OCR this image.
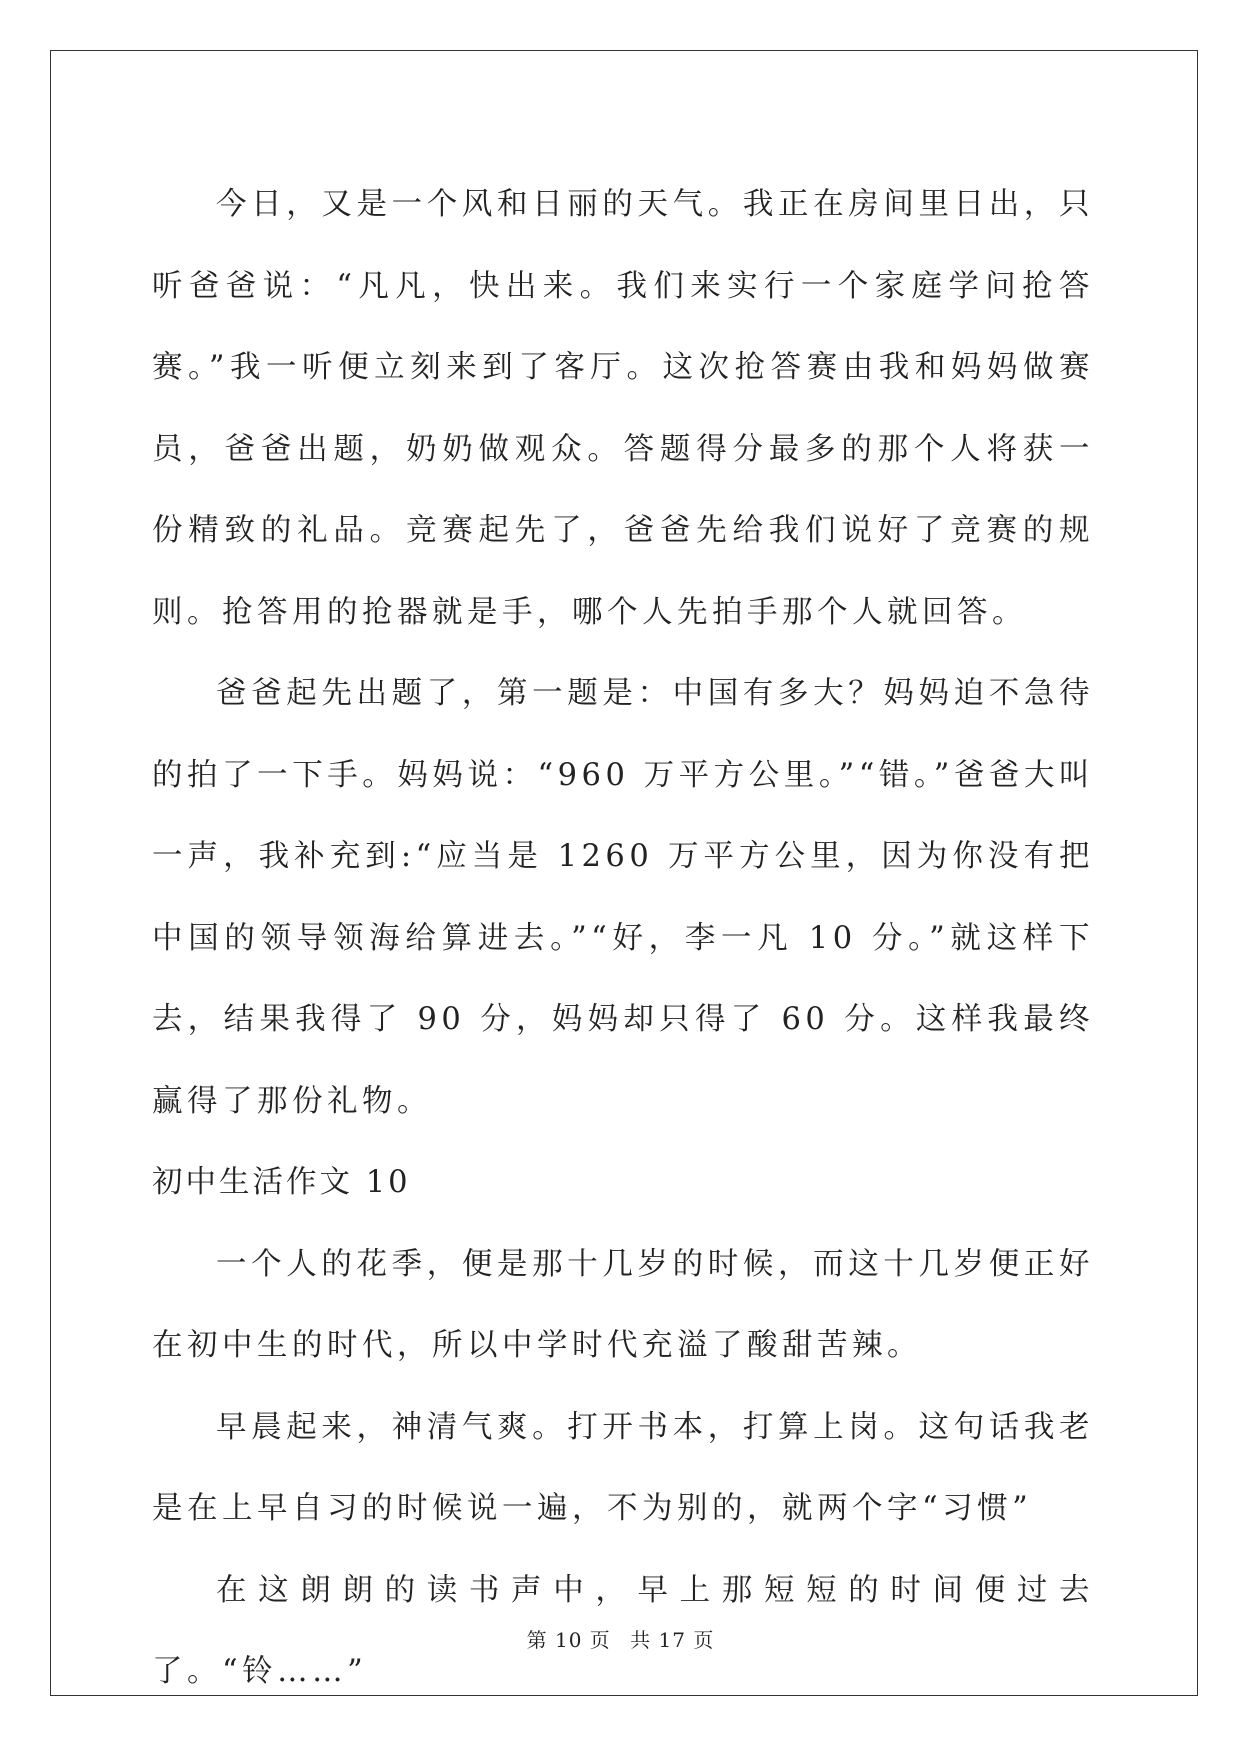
今日，又是一个风和日丽的天气。我正在房间里日出，只听爸爸说：“凡凡，快出来。我们来实行一个家庭学问抢答赛。”我一听便立刻来到了客厅。这次抢答赛由我和妈妈做赛员，爸爸出题，奶奶做观众。答题得分最多的那个人将获一份精致的礼品。竞赛起先了，爸爸先给我们说好了竞赛的规则。抢答用的抢器就是手，哪个人先拍手那个人就回答。

爸爸起先出题了，第一题是：中国有多大？妈妈迫不急待的拍了一下手。妈妈说：“960 万平方公里。”“错。”爸爸大叫一声，我补充到:“应当是 1260 万平方公里，因为你没有把中国的领导领海给算进去。”“好，李一凡 10 分。”就这样下去，结果我得了 90 分，妈妈却只得了 60 分。这样我最终赢得了那份礼物。

初中生活作文 10

一个人的花季，便是那十几岁的时候，而这十几岁便正好在初中生的时代，所以中学时代充溢了酸甜苦辣。

早晨起来，神清气爽。打开书本，打算上岗。这句话我老是在上早自习的时候说一遍，不为别的，就两个字“习惯”

在这朗朗的读书声中，早上那短短的时间便过去了。“铃……”

第 10 页 共 17 页
